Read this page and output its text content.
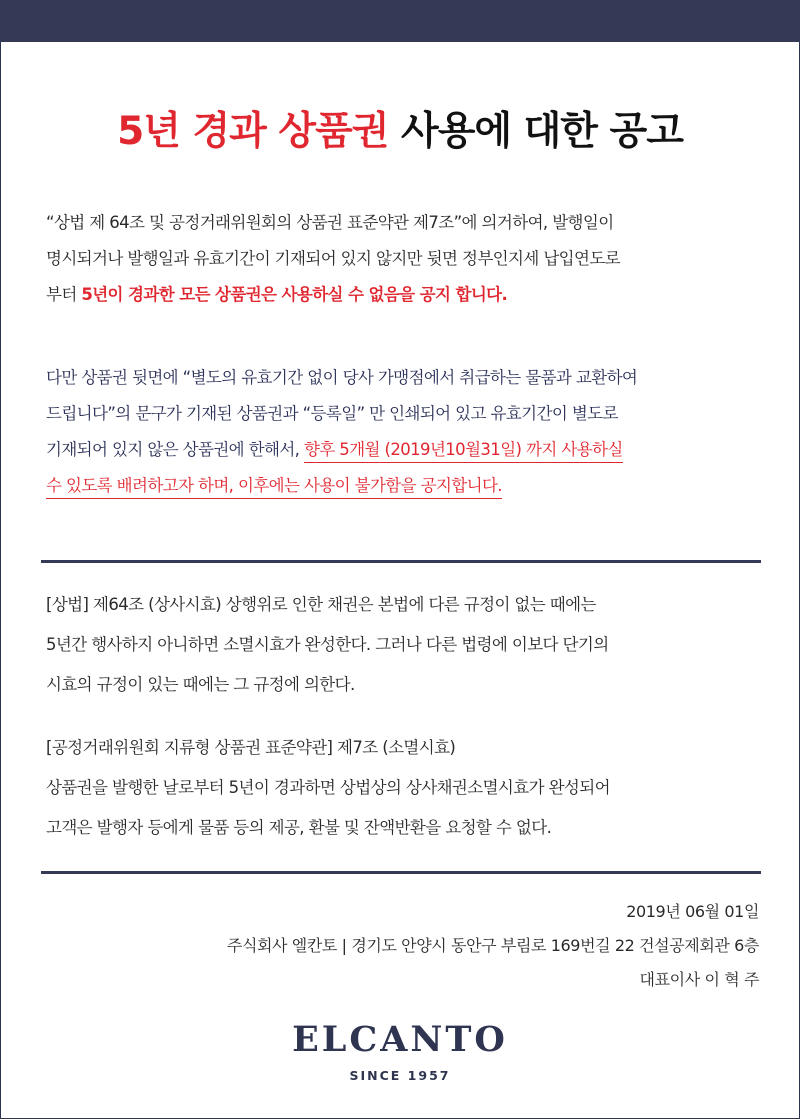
5년 경과 상품권 사용에 대한 공고
“상법 제 64조 및 공정거래위원회의 상품권 표준약관 제7조”에 의거하여, 발행일이
명시되거나 발행일과 유효기간이 기재되어 있지 않지만 뒷면 정부인지세 납입연도로
부터 5년이 경과한 모든 상품권은 사용하실 수 없음을 공지 합니다.
다만 상품권 뒷면에 “별도의 유효기간 없이 당사 가맹점에서 취급하는 물품과 교환하여
드립니다”의 문구가 기재된 상품권과 “등록일” 만 인쇄되어 있고 유효기간이 별도로
기재되어 있지 않은 상품권에 한해서, 향후 5개월 (2019년10월31일) 까지 사용하실
수 있도록 배려하고자 하며, 이후에는 사용이 불가함을 공지합니다.
[상법] 제64조 (상사시효) 상행위로 인한 채권은 본법에 다른 규정이 없는 때에는
5년간 행사하지 아니하면 소멸시효가 완성한다. 그러나 다른 법령에 이보다 단기의
시효의 규정이 있는 때에는 그 규정에 의한다.
[공정거래위원회 지류형 상품권 표준약관] 제7조 (소멸시효)
상품권을 발행한 날로부터 5년이 경과하면 상법상의 상사채권소멸시효가 완성되어
고객은 발행자 등에게 물품 등의 제공, 환불 및 잔액반환을 요청할 수 없다.
2019년 06월 01일
주식회사 엘칸토 | 경기도 안양시 동안구 부림로 169번길 22 건설공제회관 6층
대표이사 이 혁 주
ELCANTO
SINCE 1957
